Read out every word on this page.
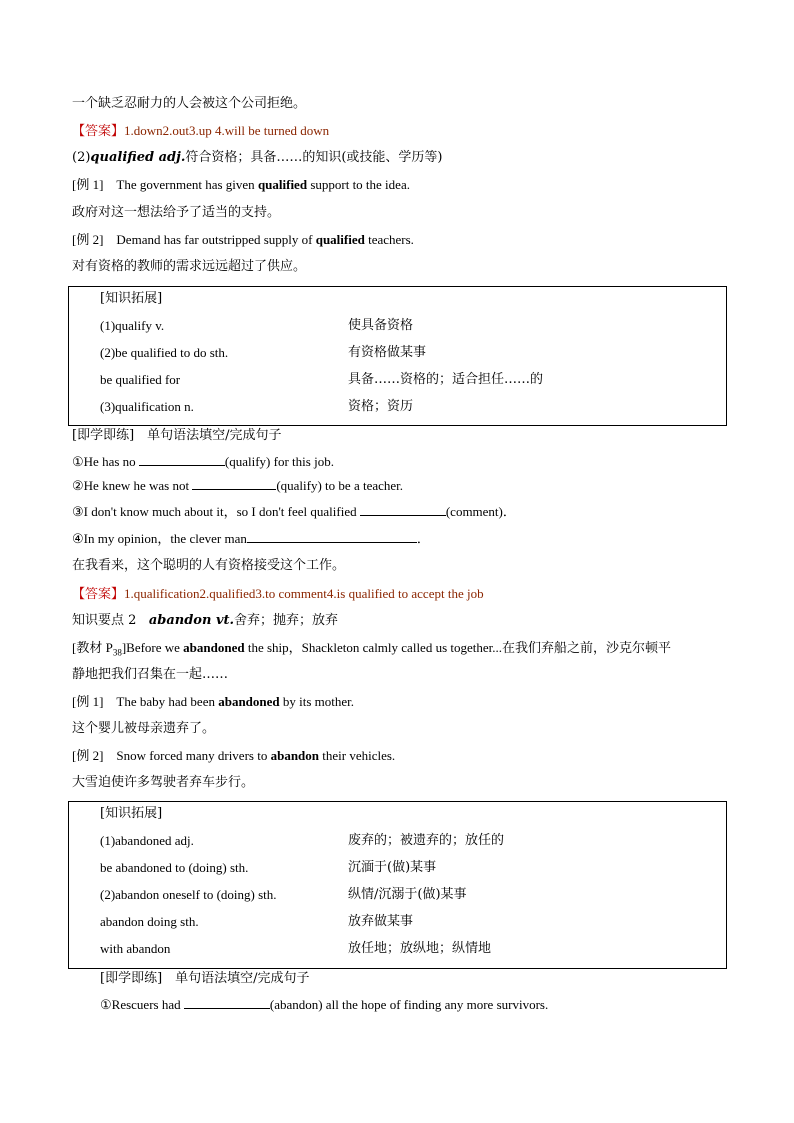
一个缺乏忍耐力的人会被这个公司拒绝。
【答案】1.down2.out3.up 4.will be turned down
(2)qualified adj.符合资格；具备……的知识(或技能、学历等)
[例 1] The government has given qualified support to the idea.
政府对这一想法给予了适当的支持。
[例 2] Demand has far outstripped supply of qualified teachers.
对有资格的教师的需求远远超过了供应。
[知识拓展]
(1)qualify v.	使具备资格
(2)be qualified to do sth.	有资格做某事
be qualified for	具备……资格的；适合担任……的
(3)qualification n.	资格；资历
[即学即练]　单句语法填空/完成句子
①He has no	(qualify) for this job.
②He knew he was not	(qualify) to be a teacher.
③I don't know much about it，so I don't feel qualified	(comment)．
④In my opinion，the clever man	．
在我看来，这个聪明的人有资格接受这个工作。
【答案】1.qualification2.qualified3.to comment4.is qualified to accept the job
知识要点 2 abandon vt.舍弃；抛弃；放弃
[教材 $P_{38}]Before$ we abandoned the ship，Shackleton calmly called us together...在我们弃船之前，沙克尔顿平
静地把我们召集在一起……
[例 1] The baby had been abandoned by its mother.
这个婴儿被母亲遗弃了。
[例 2] Snow forced many drivers to abandon their vehicles.
大雪迫使许多驾驶者弃车步行。
[知识拓展]
(1)abandoned adj.	废弃的；被遗弃的；放任的
be abandoned to (doing) sth.	沉湎于(做)某事
(2)abandon oneself to (doing) sth.	纵情/沉溺于(做)某事
abandon doing sth.	放弃做某事
with abandon	放任地；放纵地；纵情地
[即学即练]　单句语法填空/完成句子
①Rescuers had	(abandon) all the hope of finding any more survivors.
